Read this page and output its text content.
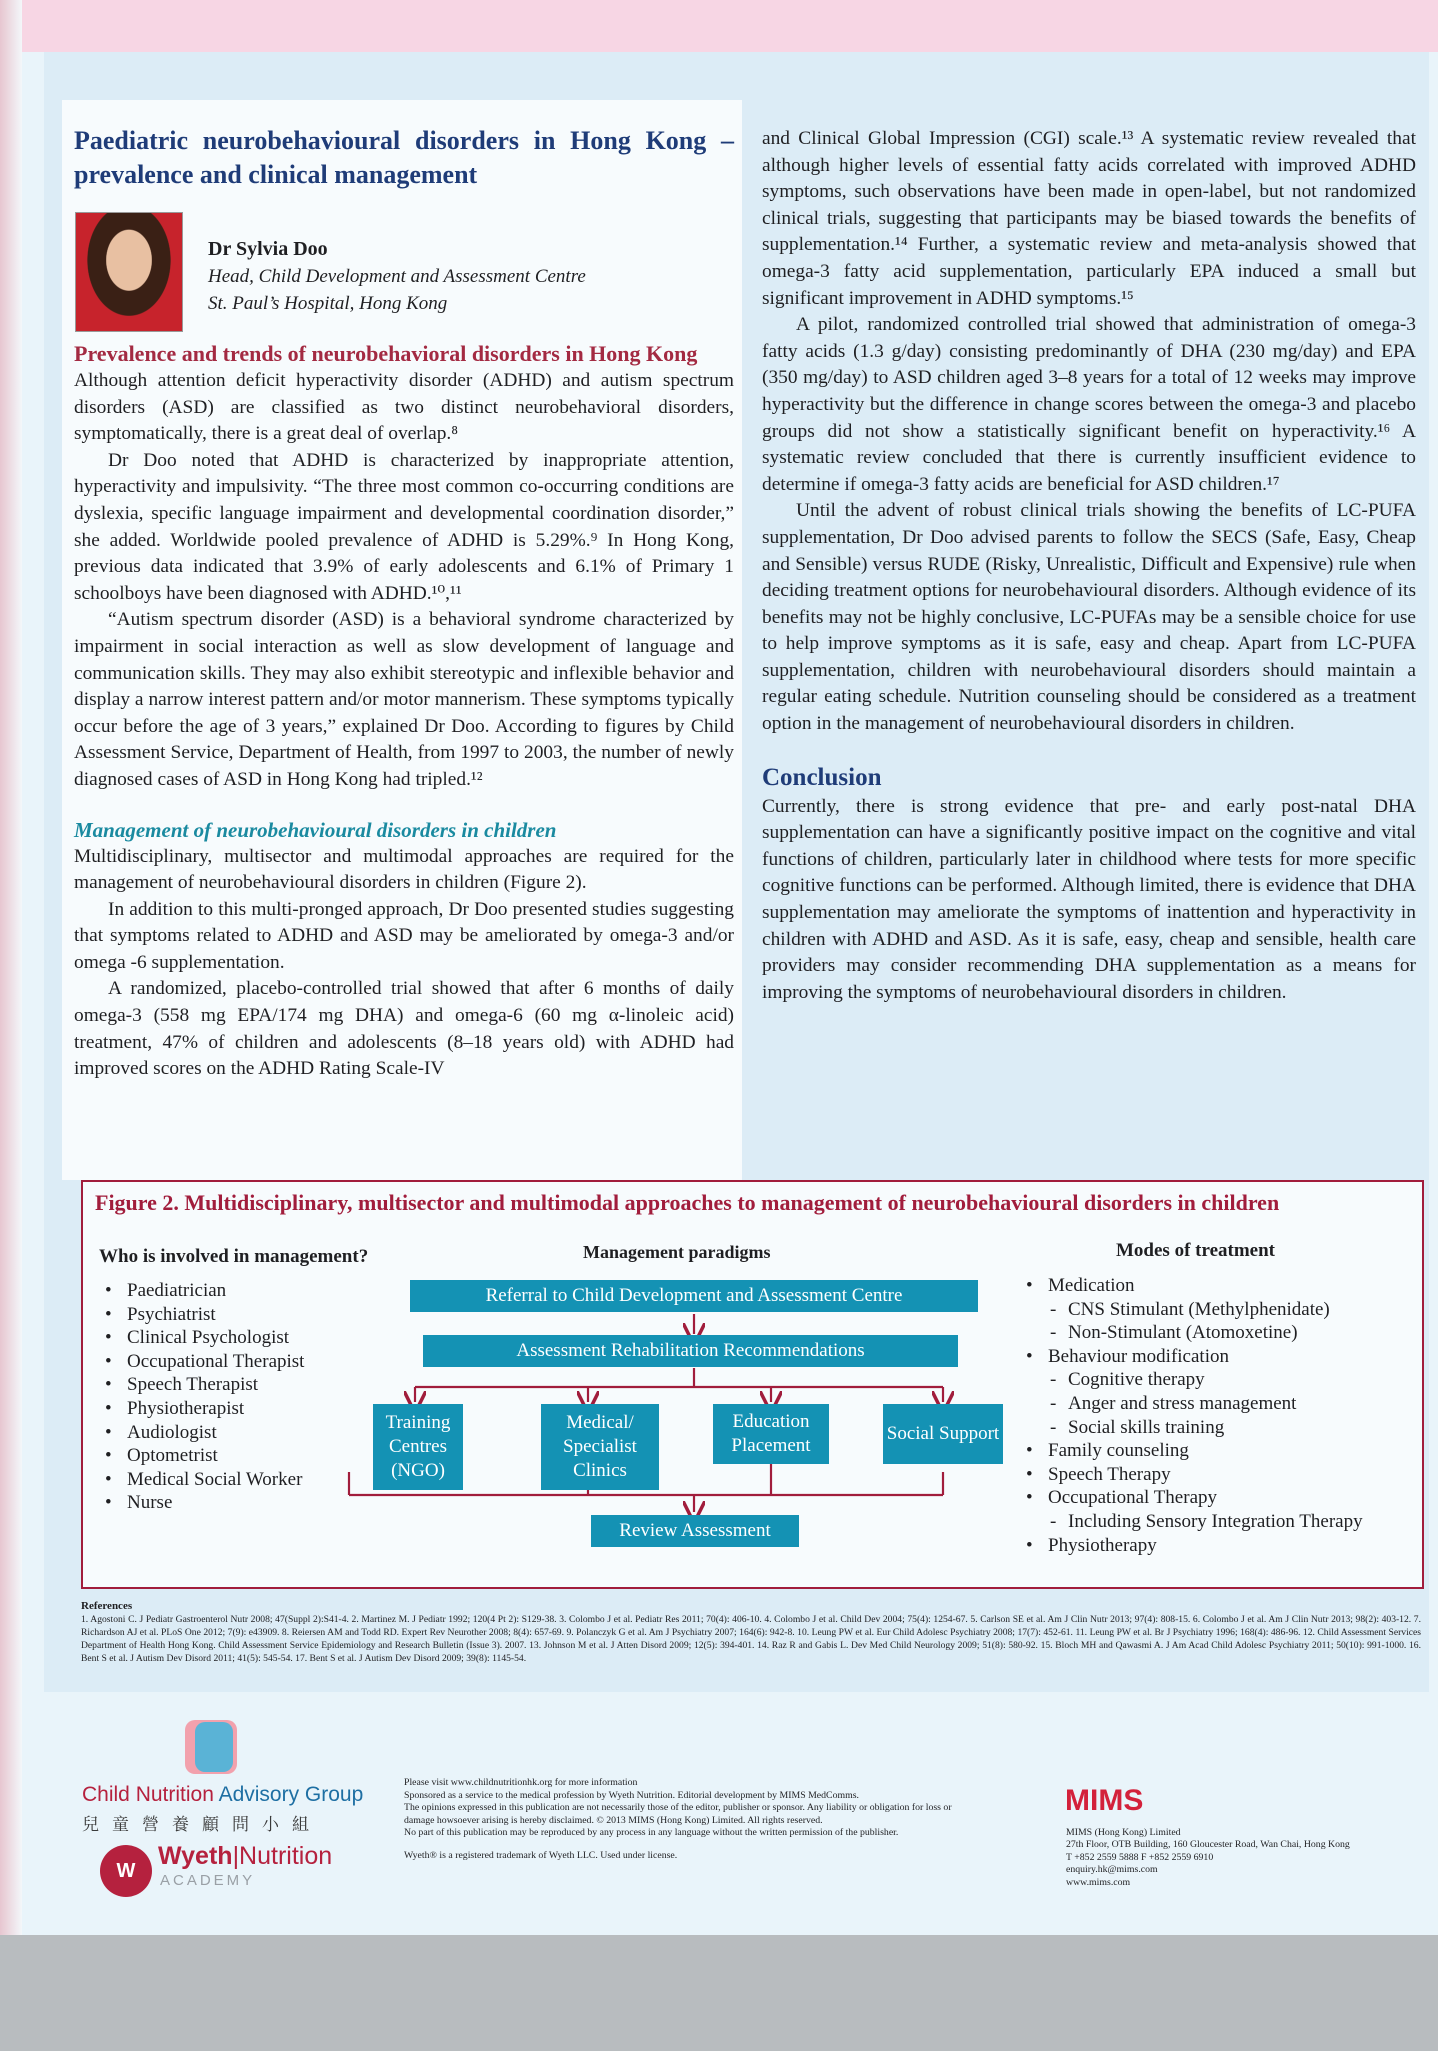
Paediatric neurobehavioural disorders in Hong Kong – prevalence and clinical management
Dr Sylvia Doo
Head, Child Development and Assessment Centre
St. Paul’s Hospital, Hong Kong
Prevalence and trends of neurobehavioral disorders in Hong Kong

Although attention deficit hyperactivity disorder (ADHD) and autism spectrum disorders (ASD) are classified as two distinct neurobehavioral disorders, symptomatically, there is a great deal of overlap.⁸

Dr Doo noted that ADHD is characterized by inappropriate attention, hyperactivity and impulsivity. “The three most common co-occurring conditions are dyslexia, specific language impairment and developmental coordination disorder,” she added. Worldwide pooled prevalence of ADHD is 5.29%.⁹ In Hong Kong, previous data indicated that 3.9% of early adolescents and 6.1% of Primary 1 schoolboys have been diagnosed with ADHD.¹⁰,¹¹

“Autism spectrum disorder (ASD) is a behavioral syndrome characterized by impairment in social interaction as well as slow development of language and communication skills. They may also exhibit stereotypic and inflexible behavior and display a narrow interest pattern and/or motor mannerism. These symptoms typically occur before the age of 3 years,” explained Dr Doo. According to figures by Child Assessment Service, Department of Health, from 1997 to 2003, the number of newly diagnosed cases of ASD in Hong Kong had tripled.¹²

Management of neurobehavioural disorders in children

Multidisciplinary, multisector and multimodal approaches are required for the management of neurobehavioural disorders in children (Figure 2).

In addition to this multi-pronged approach, Dr Doo presented studies suggesting that symptoms related to ADHD and ASD may be ameliorated by omega-3 and/or omega -6 supplementation.

A randomized, placebo-controlled trial showed that after 6 months of daily omega-3 (558 mg EPA/174 mg DHA) and omega-6 (60 mg α-linoleic acid) treatment, 47% of children and adolescents (8–18 years old) with ADHD had improved scores on the ADHD Rating Scale-IV

and Clinical Global Impression (CGI) scale.¹³ A systematic review revealed that although higher levels of essential fatty acids correlated with improved ADHD symptoms, such observations have been made in open-label, but not randomized clinical trials, suggesting that participants may be biased towards the benefits of supplementation.¹⁴ Further, a systematic review and meta-analysis showed that omega-3 fatty acid supplementation, particularly EPA induced a small but significant improvement in ADHD symptoms.¹⁵

A pilot, randomized controlled trial showed that administration of omega-3 fatty acids (1.3 g/day) consisting predominantly of DHA (230 mg/day) and EPA (350 mg/day) to ASD children aged 3–8 years for a total of 12 weeks may improve hyperactivity but the difference in change scores between the omega-3 and placebo groups did not show a statistically significant benefit on hyperactivity.¹⁶ A systematic review concluded that there is currently insufficient evidence to determine if omega-3 fatty acids are beneficial for ASD children.¹⁷

Until the advent of robust clinical trials showing the benefits of LC-PUFA supplementation, Dr Doo advised parents to follow the SECS (Safe, Easy, Cheap and Sensible) versus RUDE (Risky, Unrealistic, Difficult and Expensive) rule when deciding treatment options for neurobehavioural disorders. Although evidence of its benefits may not be highly conclusive, LC-PUFAs may be a sensible choice for use to help improve symptoms as it is safe, easy and cheap. Apart from LC-PUFA supplementation, children with neurobehavioural disorders should maintain a regular eating schedule. Nutrition counseling should be considered as a treatment option in the management of neurobehavioural disorders in children.

Conclusion

Currently, there is strong evidence that pre- and early post-natal DHA supplementation can have a significantly positive impact on the cognitive and vital functions of children, particularly later in childhood where tests for more specific cognitive functions can be performed. Although limited, there is evidence that DHA supplementation may ameliorate the symptoms of inattention and hyperactivity in children with ADHD and ASD. As it is safe, easy, cheap and sensible, health care providers may consider recommending DHA supplementation as a means for improving the symptoms of neurobehavioural disorders in children.

Figure 2. Multidisciplinary, multisector and multimodal approaches to management of neurobehavioural disorders in children
Who is involved in management?
• Paediatrician
• Psychiatrist
• Clinical Psychologist
• Occupational Therapist
• Speech Therapist
• Physiotherapist
• Audiologist
• Optometrist
• Medical Social Worker
• Nurse
Management paradigms
Referral to Child Development and Assessment Centre
Assessment Rehabilitation Recommendations
Training Centres (NGO)
Medical/ Specialist Clinics
Education Placement
Social Support
Review Assessment
Modes of treatment
• Medication
- CNS Stimulant (Methylphenidate)
- Non-Stimulant (Atomoxetine)
• Behaviour modification
- Cognitive therapy
- Anger and stress management
- Social skills training
• Family counseling
• Speech Therapy
• Occupational Therapy
- Including Sensory Integration Therapy
• Physiotherapy
References
1. Agostoni C. J Pediatr Gastroenterol Nutr 2008; 47(Suppl 2):S41-4. 2. Martinez M. J Pediatr 1992; 120(4 Pt 2): S129-38. 3. Colombo J et al. Pediatr Res 2011; 70(4): 406-10. 4. Colombo J et al. Child Dev 2004; 75(4): 1254-67. 5. Carlson SE et al. Am J Clin Nutr 2013; 97(4): 808-15. 6. Colombo J et al. Am J Clin Nutr 2013; 98(2): 403-12. 7. Richardson AJ et al. PLoS One 2012; 7(9): e43909. 8. Reiersen AM and Todd RD. Expert Rev Neurother 2008; 8(4): 657-69. 9. Polanczyk G et al. Am J Psychiatry 2007; 164(6): 942-8. 10. Leung PW et al. Eur Child Adolesc Psychiatry 2008; 17(7): 452-61. 11. Leung PW et al. Br J Psychiatry 1996; 168(4): 486-96. 12. Child Assessment Services Department of Health Hong Kong. Child Assessment Service Epidemiology and Research Bulletin (Issue 3). 2007. 13. Johnson M et al. J Atten Disord 2009; 12(5): 394-401. 14. Raz R and Gabis L. Dev Med Child Neurology 2009; 51(8): 580-92. 15. Bloch MH and Qawasmi A. J Am Acad Child Adolesc Psychiatry 2011; 50(10): 991-1000. 16. Bent S et al. J Autism Dev Disord 2011; 41(5): 545-54. 17. Bent S et al. J Autism Dev Disord 2009; 39(8): 1145-54.
Child Nutrition Advisory Group
兒童營養顧問小組
W
Wyeth|Nutrition
ACADEMY
Please visit www.childnutritionhk.org for more information
Sponsored as a service to the medical profession by Wyeth Nutrition. Editorial development by MIMS MedComms.
The opinions expressed in this publication are not necessarily those of the editor, publisher or sponsor. Any liability or obligation for loss or damage howsoever arising is hereby disclaimed. © 2013 MIMS (Hong Kong) Limited. All rights reserved.
No part of this publication may be reproduced by any process in any language without the written permission of the publisher.
Wyeth® is a registered trademark of Wyeth LLC. Used under license.
MIMS
MIMS (Hong Kong) Limited
27th Floor, OTB Building, 160 Gloucester Road, Wan Chai, Hong Kong
T +852 2559 5888 F +852 2559 6910
enquiry.hk@mims.com
www.mims.com
